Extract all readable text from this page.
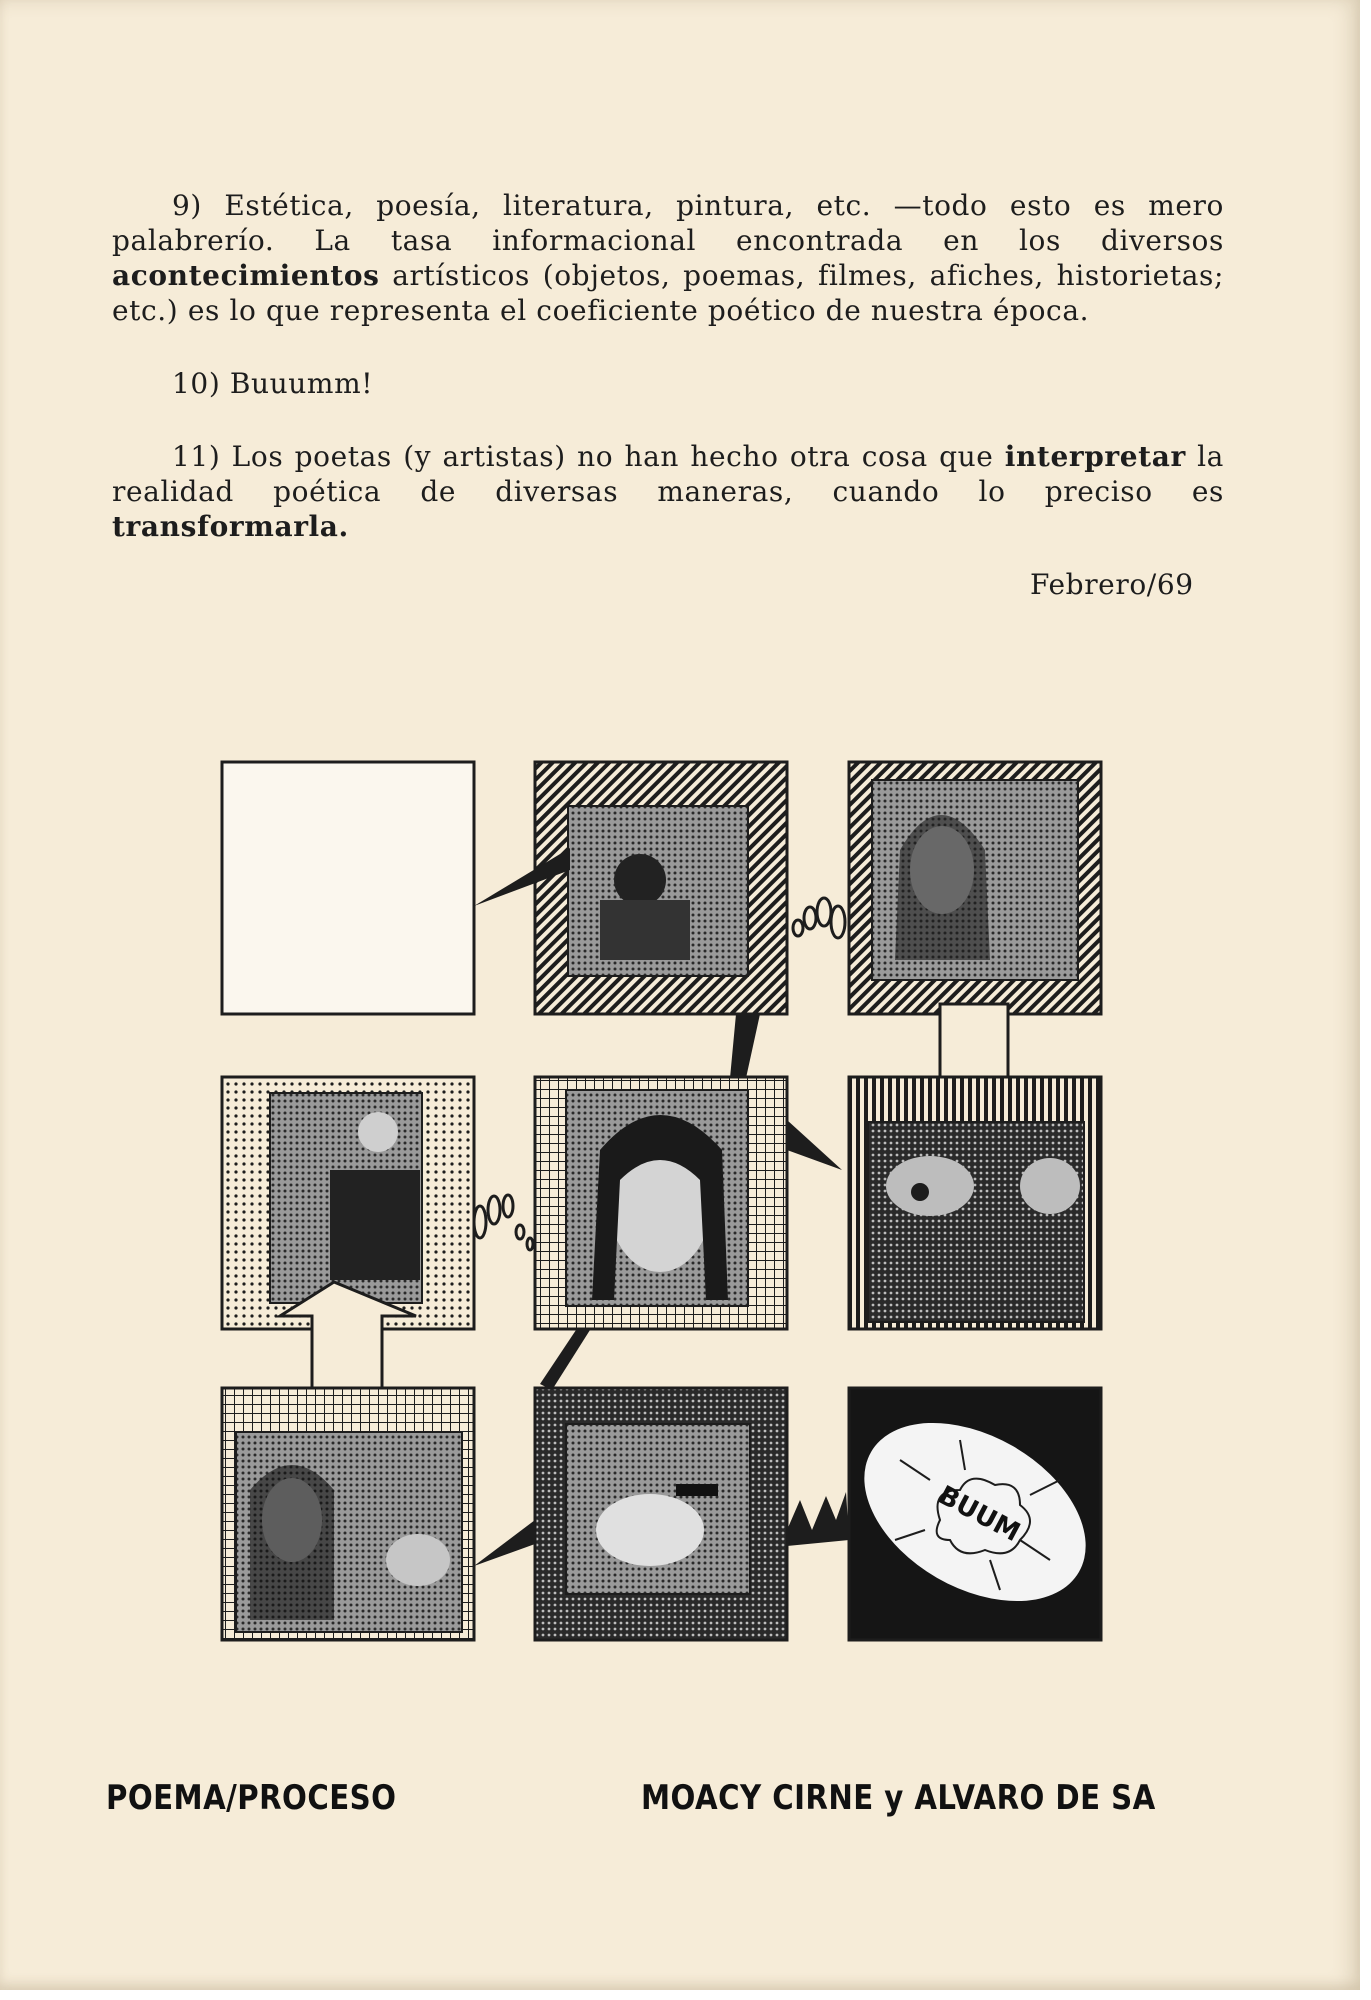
9) Estética, poesía, literatura, pintura, etc. —todo esto es mero palabrerío. La tasa informacional encontrada en los diversos acontecimientos artísticos (objetos, poemas, filmes, afiches, historietas; etc.) es lo que representa el coeficiente poético de nuestra época.

10) Buuumm!

11) Los poetas (y artistas) no han hecho otra cosa que interpretar la realidad poética de diversas maneras, cuando lo preciso es transformarla.

Febrero/69
BUUM
POEMA/PROCESO	MOACY CIRNE y ALVARO DE SA
